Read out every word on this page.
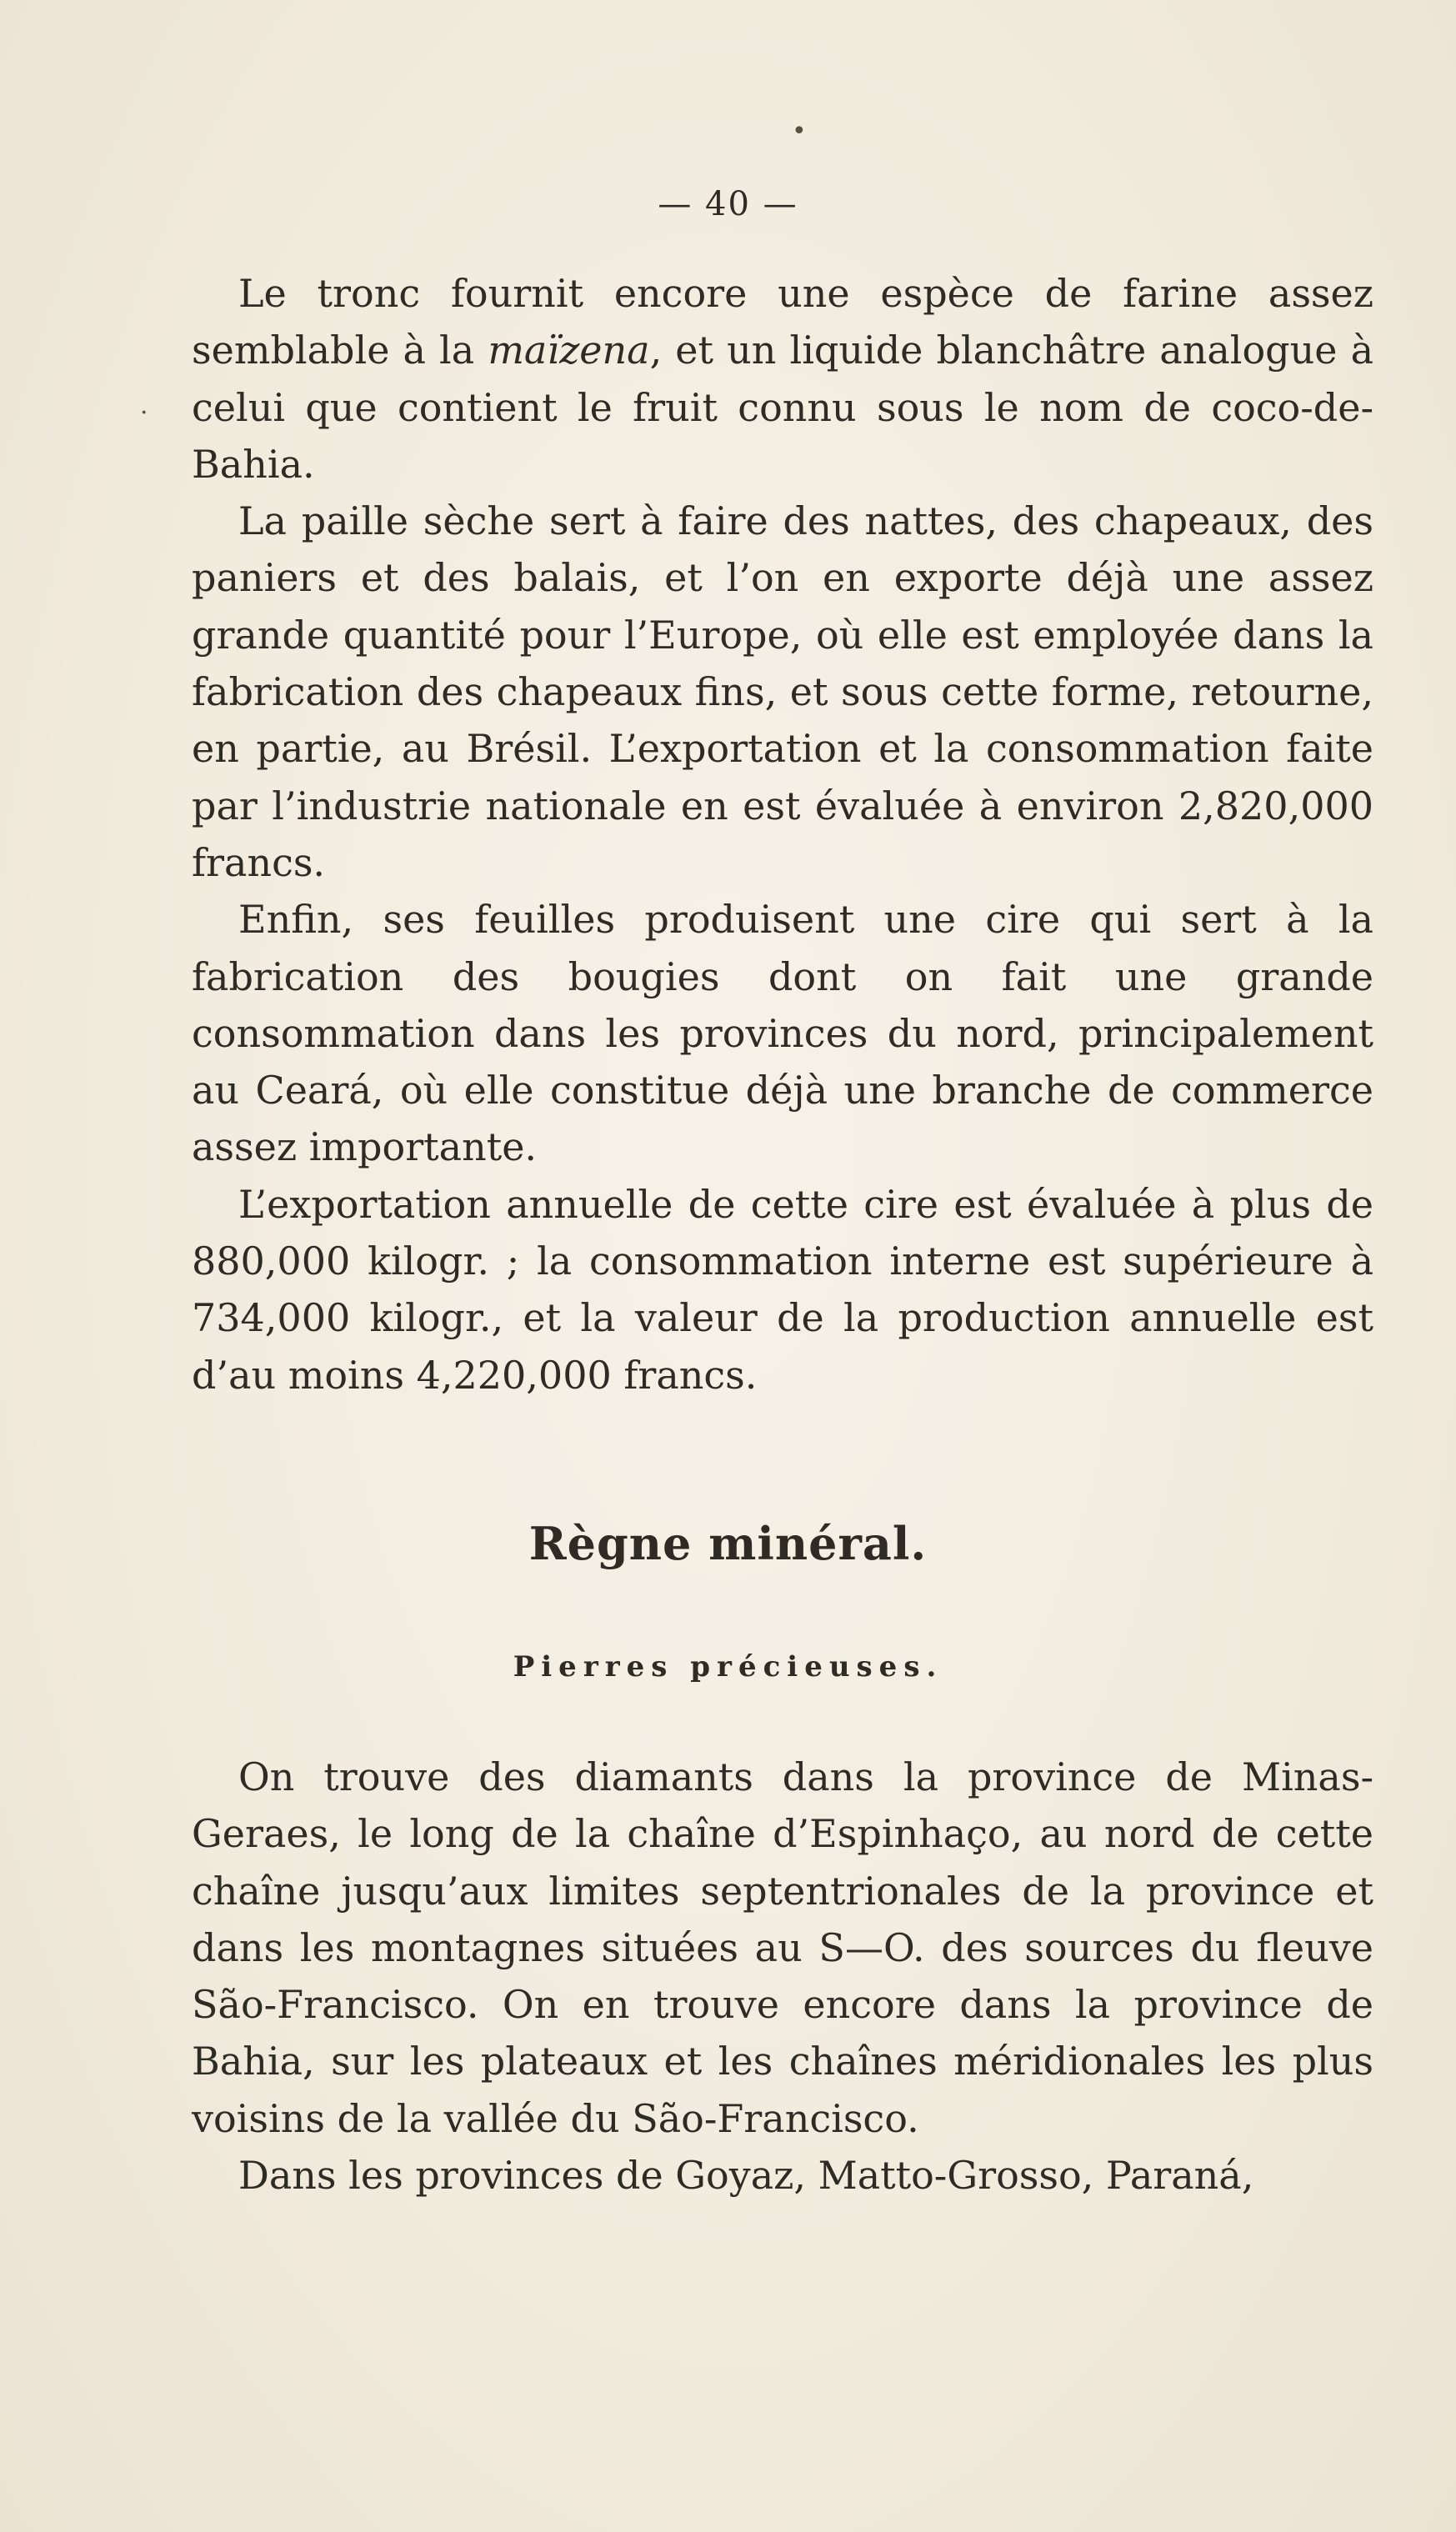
•
·
— 40 —

Le tronc fournit encore une espèce de farine assez semblable à la maïzena, et un liquide blanchâtre analogue à celui que contient le fruit connu sous le nom de coco-de-Bahia.

La paille sèche sert à faire des nattes, des chapeaux, des paniers et des balais, et l’on en exporte déjà une assez grande quantité pour l’Europe, où elle est employée dans la fabrication des chapeaux fins, et sous cette forme, retourne, en partie, au Brésil. L’exportation et la consommation faite par l’industrie nationale en est évaluée à environ 2,820,000 francs.

Enfin, ses feuilles produisent une cire qui sert à la fabrication des bougies dont on fait une grande consommation dans les provinces du nord, principalement au Ceará, où elle constitue déjà une branche de commerce assez importante.

L’exportation annuelle de cette cire est évaluée à plus de 880,000 kilogr. ; la consommation interne est supérieure à 734,000 kilogr., et la valeur de la production annuelle est d’au moins 4,220,000 francs.

Règne minéral.
Pierres précieuses.

On trouve des diamants dans la province de Minas-Geraes, le long de la chaîne d’Espinhaço, au nord de cette chaîne jusqu’aux limites septentrionales de la province et dans les montagnes situées au S—O. des sources du fleuve São-Francisco. On en trouve encore dans la province de Bahia, sur les plateaux et les chaînes méridionales les plus voisins de la vallée du São-Francisco.

Dans les provinces de Goyaz, Matto-Grosso, Paraná,
